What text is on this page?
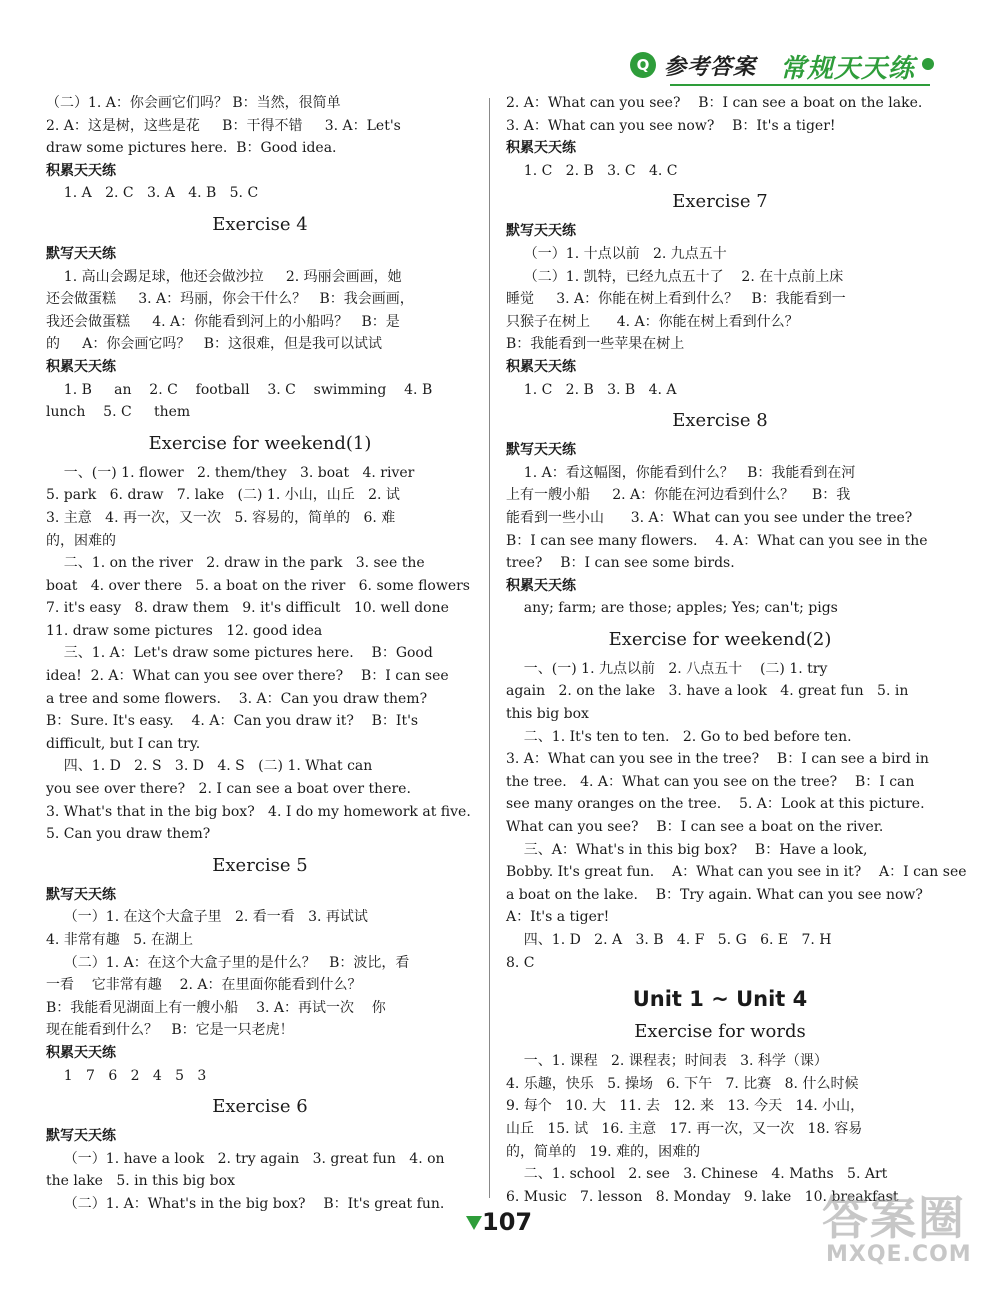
Q 参考答案 常规天天练
（二）1. A：你会画它们吗？ B：当然，很简单
2. A：这是树，这些是花     B：干得不错     3. A：Let's
draw some pictures here.  B：Good idea.
积累天天练
1. A   2. C   3. A   4. B   5. C
Exercise 4
默写天天练
1. 高山会踢足球，他还会做沙拉     2. 玛丽会画画，她
还会做蛋糕     3. A：玛丽，你会干什么？   B：我会画画，
我还会做蛋糕     4. A：你能看到河上的小船吗？   B：是
的     A：你会画它吗？   B：这很难，但是我可以试试
积累天天练
1. B     an    2. C    football    3. C    swimming    4. B
lunch    5. C     them
Exercise for weekend(1)
一、(一) 1. flower   2. them/they   3. boat   4. river
5. park   6. draw   7. lake   (二) 1. 小山，山丘   2. 试
3. 主意   4. 再一次，又一次   5. 容易的，简单的   6. 难
的，困难的
二、1. on the river   2. draw in the park   3. see the
boat   4. over there   5. a boat on the river   6. some flowers
7. it's easy   8. draw them   9. it's difficult   10. well done
11. draw some pictures   12. good idea
三、1. A：Let's draw some pictures here.    B：Good
idea!  2. A：What can you see over there?    B：I can see
a tree and some flowers.    3. A：Can you draw them?
B：Sure. It's easy.    4. A：Can you draw it?    B：It's
difficult, but I can try.
四、1. D   2. S   3. D   4. S   (二) 1. What can
you see over there?   2. I can see a boat over there.
3. What's that in the big box?   4. I do my homework at five.
5. Can you draw them?
Exercise 5
默写天天练
（一）1. 在这个大盒子里   2. 看一看   3. 再试试
4. 非常有趣   5. 在湖上
（二）1. A：在这个大盒子里的是什么？   B：波比，看
一看    它非常有趣    2. A：在里面你能看到什么？
B：我能看见湖面上有一艘小船    3. A：再试一次    你
现在能看到什么？   B：它是一只老虎！
积累天天练
1   7   6   2   4   5   3
Exercise 6
默写天天练
（一）1. have a look   2. try again   3. great fun   4. on
the lake   5. in this big box
（二）1. A：What's in the big box?    B：It's great fun.
2. A：What can you see?    B：I can see a boat on the lake.
3. A：What can you see now?    B：It's a tiger!
积累天天练
1. C   2. B   3. C   4. C
Exercise 7
默写天天练
（一）1. 十点以前   2. 九点五十
（二）1. 凯特，已经九点五十了    2. 在十点前上床
睡觉     3. A：你能在树上看到什么？   B：我能看到一
只猴子在树上      4. A：你能在树上看到什么？
B：我能看到一些苹果在树上
积累天天练
1. C   2. B   3. B   4. A
Exercise 8
默写天天练
1. A：看这幅图，你能看到什么？   B：我能看到在河
上有一艘小船     2. A：你能在河边看到什么？    B：我
能看到一些小山      3. A：What can you see under the tree?
B：I can see many flowers.    4. A：What can you see in the
tree?    B：I can see some birds.
积累天天练
any; farm; are those; apples; Yes; can't; pigs
Exercise for weekend(2)
一、(一) 1. 九点以前   2. 八点五十    (二) 1. try
again   2. on the lake   3. have a look   4. great fun   5. in
this big box
二、1. It's ten to ten.   2. Go to bed before ten.
3. A：What can you see in the tree?    B：I can see a bird in
the tree.   4. A：What can you see on the tree?    B：I can
see many oranges on the tree.    5. A：Look at this picture.
What can you see?    B：I can see a boat on the river.
三、A：What's in this big box?    B：Have a look,
Bobby. It's great fun.    A：What can you see in it?    A：I can see
a boat on the lake.    B：Try again. What can you see now?
A：It's a tiger!
四、1. D   2. A   3. B   4. F   5. G   6. E   7. H
8. C
Unit 1 ~ Unit 4
Exercise for words
一、1. 课程   2. 课程表；时间表   3. 科学（课）
4. 乐趣，快乐   5. 操场   6. 下午   7. 比赛   8. 什么时候
9. 每个   10. 大   11. 去   12. 来   13. 今天   14. 小山，
山丘   15. 试   16. 主意   17. 再一次，又一次   18. 容易
的，简单的   19. 难的，困难的
二、1. school   2. see   3. Chinese   4. Maths   5. Art
6. Music   7. lesson   8. Monday   9. lake   10. breakfast
107	答案圈
MXQE.COM
